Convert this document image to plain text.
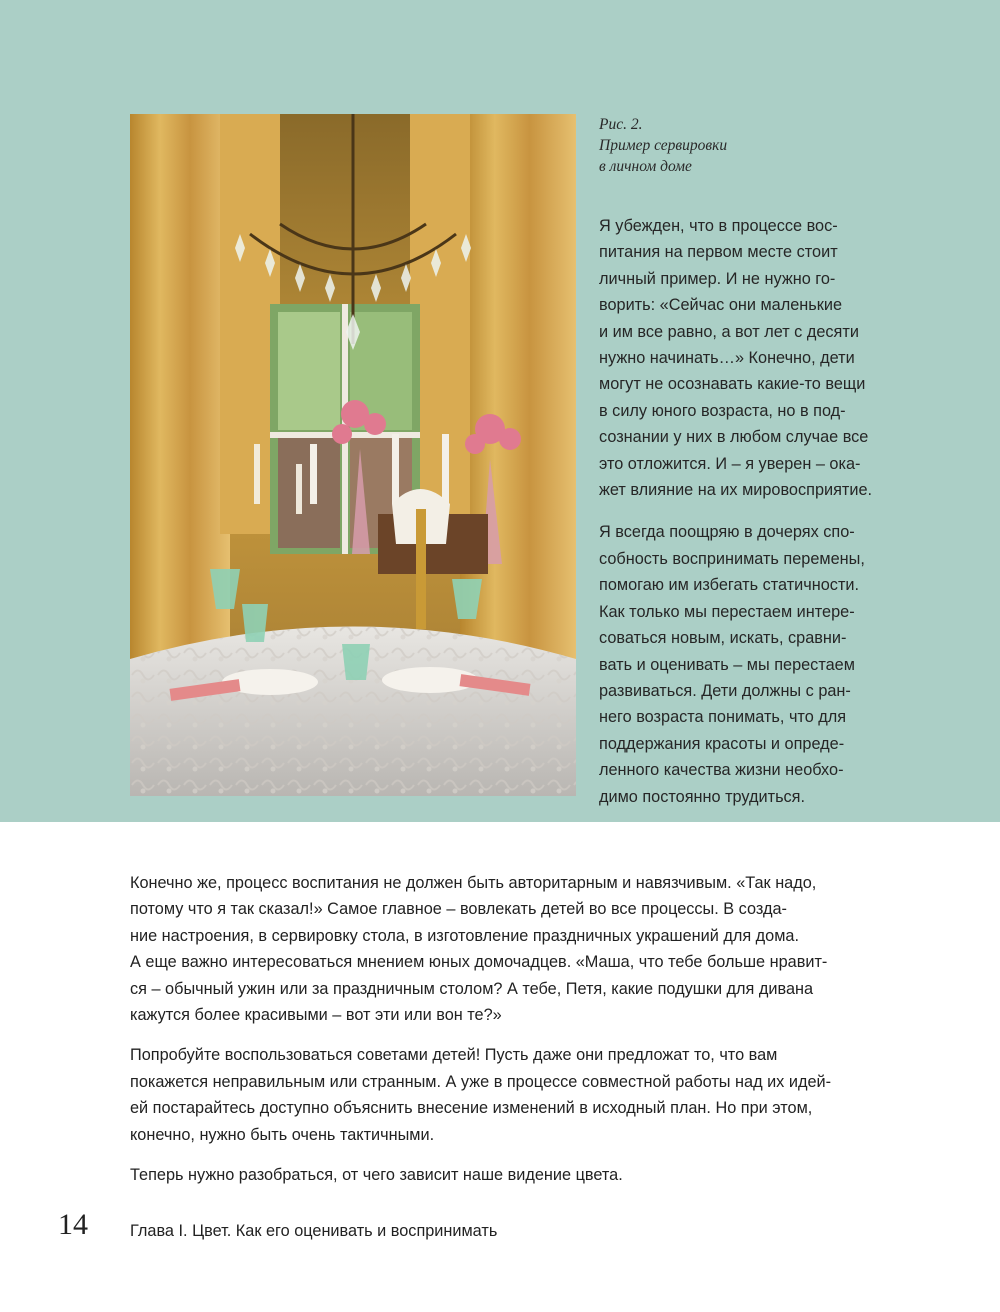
Рис. 2.
Пример сервировки
в личном доме
Я убежден, что в процессе вос-
питания на первом месте стоит
личный пример. И не нужно го-
ворить: «Сейчас они маленькие
и им все равно, а вот лет с десяти
нужно начинать…» Конечно, дети
могут не осознавать какие-то вещи
в силу юного возраста, но в под-
сознании у них в любом случае все
это отложится. И – я уверен – ока-
жет влияние на их мировосприятие.
Я всегда поощряю в дочерях спо-
собность воспринимать перемены,
помогаю им избегать статичности.
Как только мы перестаем интере-
соваться новым, искать, сравни-
вать и оценивать – мы перестаем
развиваться. Дети должны с ран-
него возраста понимать, что для
поддержания красоты и опреде-
ленного качества жизни необхо-
димо постоянно трудиться.
Конечно же, процесс воспитания не должен быть авторитарным и навязчивым. «Так надо,
потому что я так сказал!» Самое главное – вовлекать детей во все процессы. В созда-
ние настроения, в сервировку стола, в изготовление праздничных украшений для дома.
А еще важно интересоваться мнением юных домочадцев. «Маша, что тебе больше нравит-
ся – обычный ужин или за праздничным столом? А тебе, Петя, какие подушки для дивана
кажутся более красивыми – вот эти или вон те?»
Попробуйте воспользоваться советами детей! Пусть даже они предложат то, что вам
покажется неправильным или странным. А уже в процессе совместной работы над их идей-
ей постарайтесь доступно объяснить внесение изменений в исходный план. Но при этом,
конечно, нужно быть очень тактичными.
Теперь нужно разобраться, от чего зависит наше видение цвета.
14	Глава I. Цвет. Как его оценивать и воспринимать
